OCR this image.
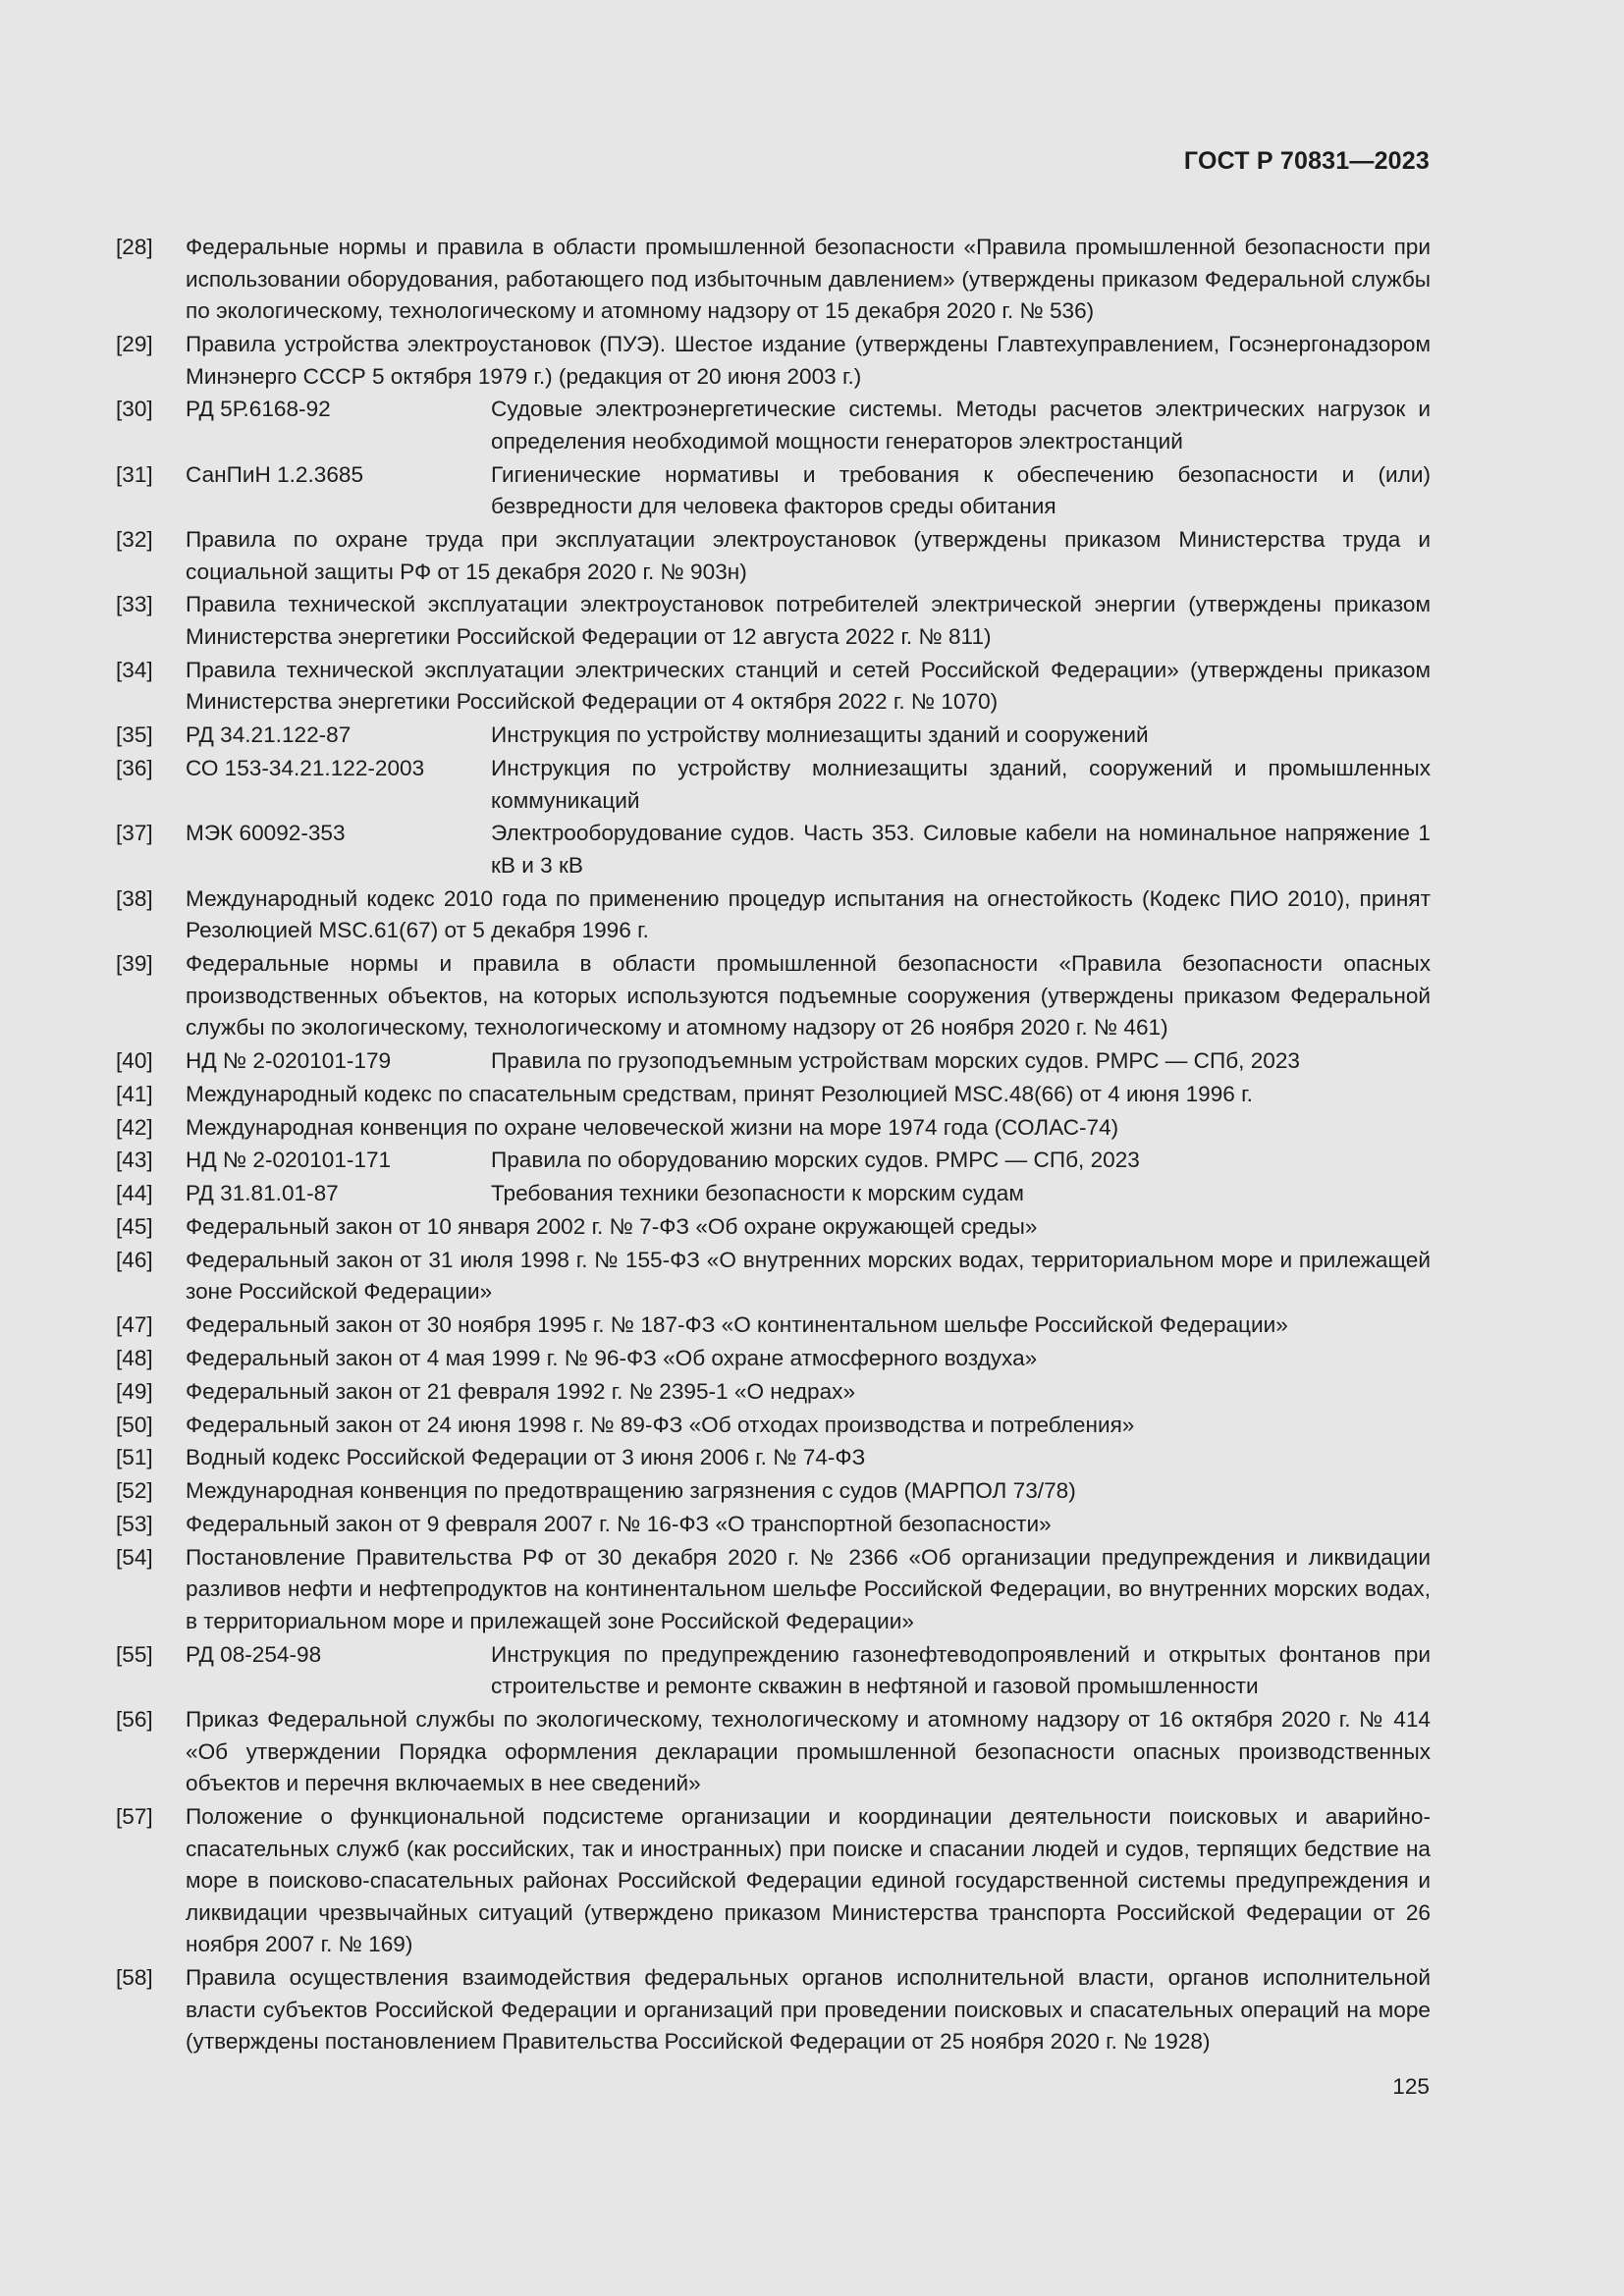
ГОСТ Р 70831—2023
[28]	Федеральные нормы и правила в области промышленной безопасности «Правила промышленной безопасности при использовании оборудования, работающего под избыточным давлением» (утверждены приказом Федеральной службы по экологическому, технологическому и атомному надзору от 15 декабря 2020 г. № 536)
[29]	Правила устройства электроустановок (ПУЭ). Шестое издание (утверждены Главтехуправлением, Госэнергонадзором Минэнерго СССР 5 октября 1979 г.) (редакция от 20 июня 2003 г.)
[30]	РД 5Р.6168-92	Судовые электроэнергетические системы. Методы расчетов электрических нагрузок и определения необходимой мощности генераторов электростанций
[31]	СанПиН 1.2.3685	Гигиенические нормативы и требования к обеспечению безопасности и (или) безвредности для человека факторов среды обитания
[32]	Правила по охране труда при эксплуатации электроустановок (утверждены приказом Министерства труда и социальной защиты РФ от 15 декабря 2020 г. № 903н)
[33]	Правила технической эксплуатации электроустановок потребителей электрической энергии (утверждены приказом Министерства энергетики Российской Федерации от 12 августа 2022 г. № 811)
[34]	Правила технической эксплуатации электрических станций и сетей Российской Федерации» (утверждены приказом Министерства энергетики Российской Федерации от 4 октября 2022 г. № 1070)
[35]	РД 34.21.122-87	Инструкция по устройству молниезащиты зданий и сооружений
[36]	СО 153-34.21.122-2003	Инструкция по устройству молниезащиты зданий, сооружений и промышленных коммуникаций
[37]	МЭК 60092-353	Электрооборудование судов. Часть 353. Силовые кабели на номинальное напряжение 1 кВ и 3 кВ
[38]	Международный кодекс 2010 года по применению процедур испытания на огнестойкость (Кодекс ПИО 2010), принят Резолюцией MSC.61(67) от 5 декабря 1996 г.
[39]	Федеральные нормы и правила в области промышленной безопасности «Правила безопасности опасных производственных объектов, на которых используются подъемные сооружения (утверждены приказом Федеральной службы по экологическому, технологическому и атомному надзору от 26 ноября 2020 г. № 461)
[40]	НД № 2-020101-179	Правила по грузоподъемным устройствам морских судов. РМРС — СПб, 2023
[41]	Международный кодекс по спасательным средствам, принят Резолюцией MSC.48(66) от 4 июня 1996 г.
[42]	Международная конвенция по охране человеческой жизни на море 1974 года (СОЛАС-74)
[43]	НД № 2-020101-171	Правила по оборудованию морских судов. РМРС — СПб, 2023
[44]	РД 31.81.01-87	Требования техники безопасности к морским судам
[45]	Федеральный закон от 10 января 2002 г. № 7-ФЗ «Об охране окружающей среды»
[46]	Федеральный закон от 31 июля 1998 г. № 155-ФЗ «О внутренних морских водах, территориальном море и прилежащей зоне Российской Федерации»
[47]	Федеральный закон от 30 ноября 1995 г. № 187-ФЗ «О континентальном шельфе Российской Федерации»
[48]	Федеральный закон от 4 мая 1999 г. № 96-ФЗ «Об охране атмосферного воздуха»
[49]	Федеральный закон от 21 февраля 1992 г. № 2395-1 «О недрах»
[50]	Федеральный закон от 24 июня 1998 г. № 89-ФЗ «Об отходах производства и потребления»
[51]	Водный кодекс Российской Федерации от 3 июня 2006 г. № 74-ФЗ
[52]	Международная конвенция по предотвращению загрязнения с судов (МАРПОЛ 73/78)
[53]	Федеральный закон от 9 февраля 2007 г. № 16-ФЗ «О транспортной безопасности»
[54]	Постановление Правительства РФ от 30 декабря 2020 г. № 2366 «Об организации предупреждения и ликвидации разливов нефти и нефтепродуктов на континентальном шельфе Российской Федерации, во внутренних морских водах, в территориальном море и прилежащей зоне Российской Федерации»
[55]	РД 08-254-98	Инструкция по предупреждению газонефтеводопроявлений и открытых фонтанов при строительстве и ремонте скважин в нефтяной и газовой промышленности
[56]	Приказ Федеральной службы по экологическому, технологическому и атомному надзору от 16 октября 2020 г. № 414 «Об утверждении Порядка оформления декларации промышленной безопасности опасных производственных объектов и перечня включаемых в нее сведений»
[57]	Положение о функциональной подсистеме организации и координации деятельности поисковых и аварийно-спасательных служб (как российских, так и иностранных) при поиске и спасании людей и судов, терпящих бедствие на море в поисково-спасательных районах Российской Федерации единой государственной системы предупреждения и ликвидации чрезвычайных ситуаций (утверждено приказом Министерства транспорта Российской Федерации от 26 ноября 2007 г. № 169)
[58]	Правила осуществления взаимодействия федеральных органов исполнительной власти, органов исполнительной власти субъектов Российской Федерации и организаций при проведении поисковых и спасательных операций на море (утверждены постановлением Правительства Российской Федерации от 25 ноября 2020 г. № 1928)
125
